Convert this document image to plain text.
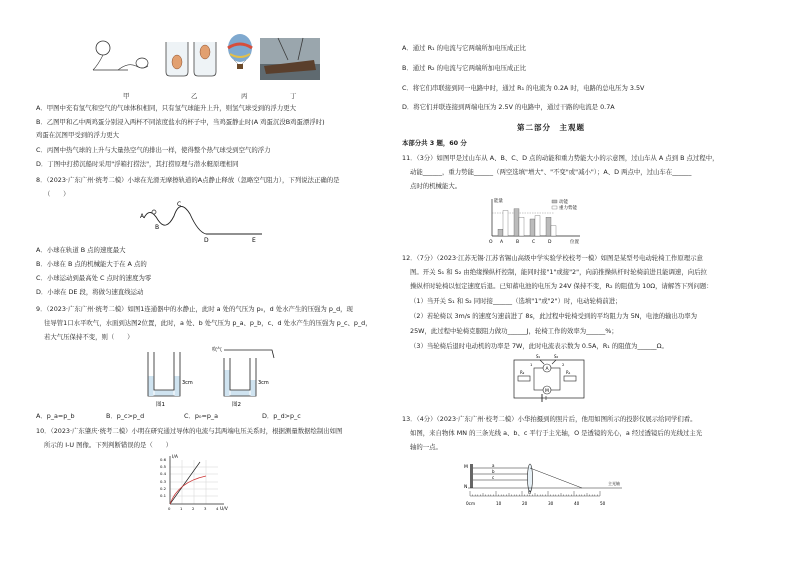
甲	乙	丙	丁
A．甲图中充有氢气和空气的气球体积相同，只有氢气球能升上升，则氢气球受到的浮力更大
B．乙图甲和乙中两鸡蛋分别浸入两杯不同浓度盐水的杯子中，当鸡蛋静止时(A 鸡蛋沉没B鸡蛋漂浮时)
鸡蛋在沉图甲受到的浮力更大
C．丙图中热气球的上升与大量热空气的排出一样，使得整个热气球受到空气的浮力
D．丁图中打捞沉船时采用"浮箱打捞法"，其打捞原理与潜水艇原理相同
8．（2023·广东广州·统考二模）小球在光滑无摩擦轨道的A点静止释放（忽略空气阻力），下列说法正确的是
（　　）
A
B
C
D	E
A．小球在轨道 B 点的速度最大
B．小球在 B 点的机械能大于在 A 点的
C．小球运动到最高处 C 点时的速度为零
D．小球在 DE 段，将做匀速直线运动
9．（2023·广东广州·统考二模）如图1连通器中的水静止，此时 a 处的气压为 p₀，d 处水产生的压强为 p_d，现
往导管1口水平吹气，水面到达图2位置，此时，a 处、b 处气压为 p_a、p_b，c、d 处水产生的压强为 p_c、p_d，
若大气压保持不变，则（　　）
3cm
图1
吹气
3cm
图2
A．p_a=p_b	B．p_c>p_d	C．p₀=p_a	D．p_d>p_c
10．（2023·广东肇庆·统考二模）小明在研究通过导体的电流与其两端电压关系时，根据测量数据绘制出如图
所示的 I-U 图像。下列判断错误的是（　　）
I/A
U/V
0.6
0.5
0.4
0.3
0.2
0.1
0	1	2	3	4
A．通过 R₁ 的电流与它两端所加电压成正比
B．通过 R₂ 的电流与它两端所加电压成正比
C．将它们串联接到同一电路中时，通过 R₁ 的电流为 0.2A 时，电路的总电压为 3.5V
D．将它们并联连接到两端电压为 2.5V 的电路中，通过干路的电流是 0.7A
第二部分　主观题
本部分共 3 题，60 分
11．（3分）如图甲是过山车从 A、B、C、D 点的动能和重力势能大小的示意图，过山车从 A 点到 B 点过程中，
动能______，重力势能______（两空选填"增大"、"不变"或"减小"）；A、D 两点中，过山车在______
点时的机械能大。
能量	动能
重力势能
O A	B	C	D	位置
12．（7分）（2023·江苏无锡·江苏省锡山高级中学实验学校校考一模）如图是某型号电动轮椅工作原理示意
图。开关 S₁ 和 S₂ 由绝缘操纵杆控制，能同时接"1"或接"2"，向前推操纵杆时轮椅前进且能调速，向后拉
操纵杆时轮椅以恒定速度后退。已知蓄电池的电压为 24V 保持不变，R₂ 的阻值为 10Ω，请解答下列问题：
（1）当开关 S₁ 和 S₂ 同时接______（选填"1"或"2"）时，电动轮椅前进；
（2）若轮椅以 3m/s 的速度匀速前进了 8s，此过程中轮椅受到的平均阻力为 5N，电池的输出功率为
25W，此过程中轮椅克服阻力做功______J，轮椅工作的效率为______%；
（3）当轮椅后退时电动机的功率是 7W，此时电流表示数为 0.5A，R₁ 的阻值为______Ω。
A
M
R₁
R₂
S₁	S₂
1	2
13．（4分）（2023·广东广州·校考二模）小华拍摄到的照片后，他用如图所示的投影仪展示给同学们看。
如图，来自物体 MN 的三条光线 a、b、c 平行于主光轴，O 是透镜的光心，a 经过透镜后的光线过主光
轴的一点。
M
N
a
b
c
O
主光轴
0cm	10	20	30	40	50
